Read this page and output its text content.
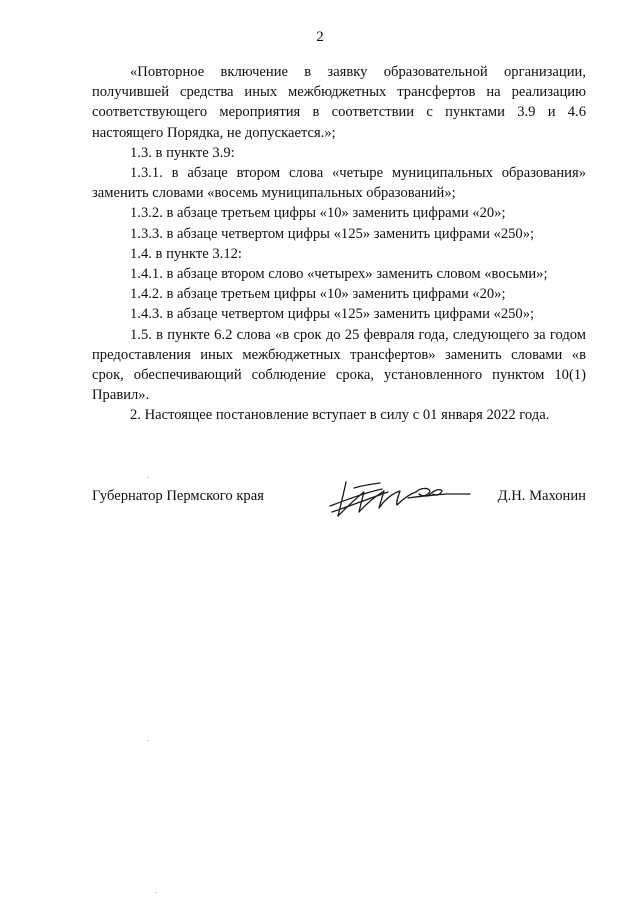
2

«Повторное включение в заявку образовательной организации, получившей средства иных межбюджетных трансфертов на реализацию соответствующего мероприятия в соответствии с пунктами 3.9 и 4.6 настоящего Порядка, не допускается.»;

1.3. в пункте 3.9:

1.3.1. в абзаце втором слова «четыре муниципальных образования» заменить словами «восемь муниципальных образований»;

1.3.2. в абзаце третьем цифры «10» заменить цифрами «20»;

1.3.3. в абзаце четвертом цифры «125» заменить цифрами «250»;

1.4. в пункте 3.12:

1.4.1. в абзаце втором слово «четырех» заменить словом «восьми»;

1.4.2. в абзаце третьем цифры «10» заменить цифрами «20»;

1.4.3. в абзаце четвертом цифры «125» заменить цифрами «250»;

1.5. в пункте 6.2 слова «в срок до 25 февраля года, следующего за годом предоставления иных межбюджетных трансфертов» заменить словами «в срок, обеспечивающий соблюдение срока, установленного пунктом 10(1) Правил».

2. Настоящее постановление вступает в силу с 01 января 2022 года.

Губернатор Пермского края	Д.Н. Махонин
